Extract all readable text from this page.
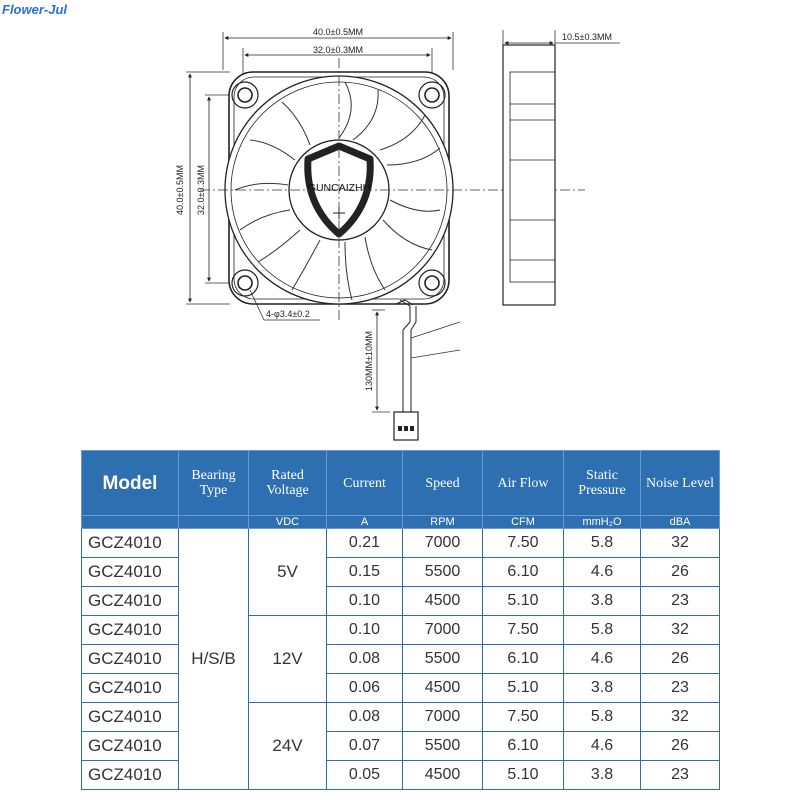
Flower-Jul
40.0±0.5MM
32.0±0.3MM
40.0±0.5MM 32.0±0.3MM	GUNCAIZHU
4-φ3.4±0.2
10.5±0.3MM
130MM±10MM
Model	Bearing Type	Rated Voltage	Current	Speed	Air Flow	Static Pressure	Noise Level
		VDC	A	RPM	CFM	mmH₂O	dBA
GCZ4010	H/S/B	5V	0.21	7000	7.50	5.8	32
GCZ4010			0.15	5500	6.10	4.6	26
GCZ4010			0.10	4500	5.10	3.8	23
GCZ4010		12V	0.10	7000	7.50	5.8	32
GCZ4010			0.08	5500	6.10	4.6	26
GCZ4010			0.06	4500	5.10	3.8	23
GCZ4010		24V	0.08	7000	7.50	5.8	32
GCZ4010			0.07	5500	6.10	4.6	26
GCZ4010			0.05	4500	5.10	3.8	23
